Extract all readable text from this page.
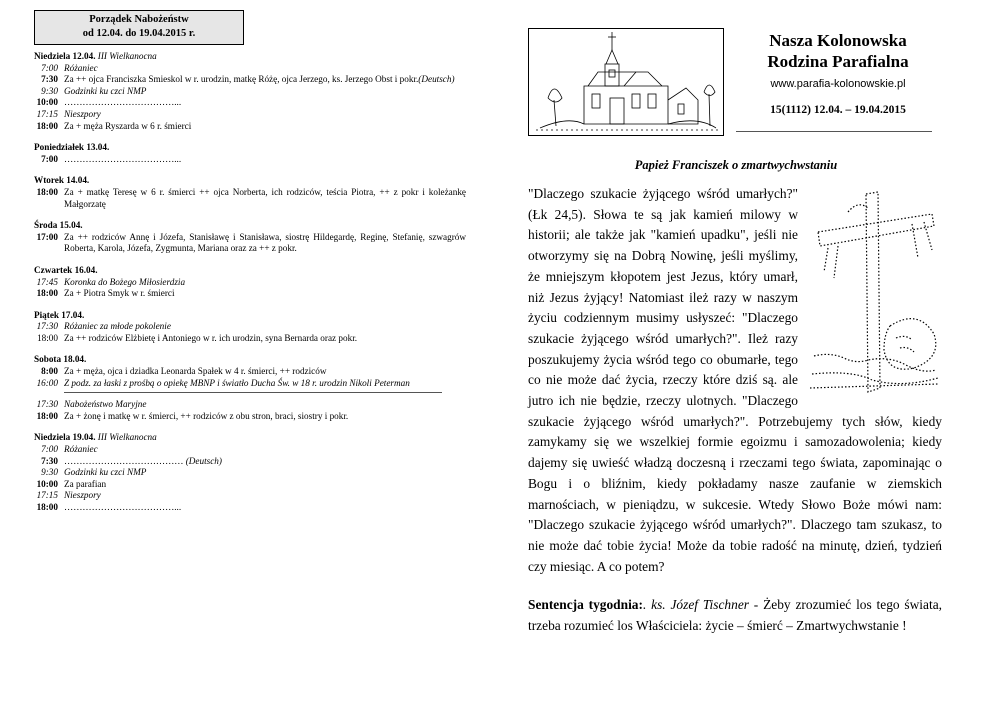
Porządek Nabożeństw
od 12.04. do 19.04.2015 r.
Niedziela 12.04. III Wielkanocna
7:00 Różaniec
7:30 Za ++ ojca Franciszka Smieskol w r. urodzin, matkę Różę, ojca Jerzego, ks. Jerzego Obst i pokr.(Deutsch)
9:30 Godzinki ku czci NMP
10:00 ………………………………...
17:15 Nieszpory
18:00 Za + męża Ryszarda w 6 r. śmierci
Poniedziałek 13.04.
7:00 ………………………………...
Wtorek 14.04.
18:00 Za + matkę Teresę w 6 r. śmierci ++ ojca Norberta, ich rodziców, teścia Piotra, ++ z pokr i koleżankę Małgorzatę
Środa 15.04.
17:00 Za ++ rodziców Annę i Józefa, Stanisławę i Stanisława, siostrę Hildegardę, Reginę, Stefanię, szwagrów Roberta, Karola, Józefa, Zygmunta, Mariana oraz za ++ z pokr.
Czwartek 16.04.
17:45 Koronka do Bożego Miłosierdzia
18:00 Za + Piotra Smyk w r. śmierci
Piątek 17.04.
17:30 Różaniec za młode pokolenie
18:00 Za ++ rodziców Elżbietę i Antoniego w r. ich urodzin, syna Bernarda oraz pokr.
Sobota 18.04.
8:00 Za + męża, ojca i dziadka Leonarda Spałek w 4 r. śmierci, ++ rodziców
16:00 Z podz. za łaski z prośbą o opiekę MBNP i światło Ducha Św. w 18 r. urodzin Nikoli Peterman
17:30 Nabożeństwo Maryjne
18:00 Za + żonę i matkę w r. śmierci, ++ rodziców z obu stron, braci, siostry i pokr.
Niedziela 19.04. III Wielkanocna
7:00 Różaniec
7:30 ………………………………… (Deutsch)
9:30 Godzinki ku czci NMP
10:00 Za parafian
17:15 Nieszpory
18:00 ………………………………...
Nasza Kolonowska
Rodzina Parafialna
www.parafia-kolonowskie.pl
15(1112) 12.04. – 19.04.2015
Papież Franciszek o zmartwychwstaniu
"Dlaczego szukacie żyjącego wśród umarłych?" (Łk 24,5). Słowa te są jak kamień milowy w historii; ale także jak "kamień upadku", jeśli nie otworzymy się na Dobrą Nowinę, jeśli myślimy, że mniejszym kłopotem jest Jezus, który umarł, niż Jezus żyjący! Natomiast ileż razy w naszym życiu codziennym musimy usłyszeć: "Dlaczego szukacie żyjącego wśród umarłych?". Ileż razy poszukujemy życia wśród tego co obumarłe, tego co nie może dać życia, rzeczy które dziś są. ale jutro ich nie będzie, rzeczy ulotnych. "Dlaczego szukacie żyjącego wśród umarłych?". Potrzebujemy tych słów, kiedy zamykamy się we wszelkiej formie egoizmu i samozadowolenia; kiedy dajemy się uwieść władzą doczesną i rzeczami tego świata, zapominając o Bogu i o bliźnim, kiedy pokładamy nasze zaufanie w ziemskich marnościach, w pieniądzu, w sukcesie. Wtedy Słowo Boże mówi nam: "Dlaczego szukacie żyjącego wśród umarłych?". Dlaczego tam szukasz, to nie może dać tobie życia! Może da tobie radość na minutę, dzień, tydzień czy miesiąc. A co potem?
Sentencja tygodnia:. ks. Józef Tischner - Żeby zrozumieć los tego świata, trzeba rozumieć los Właściciela: życie – śmierć – Zmartwychwstanie !
